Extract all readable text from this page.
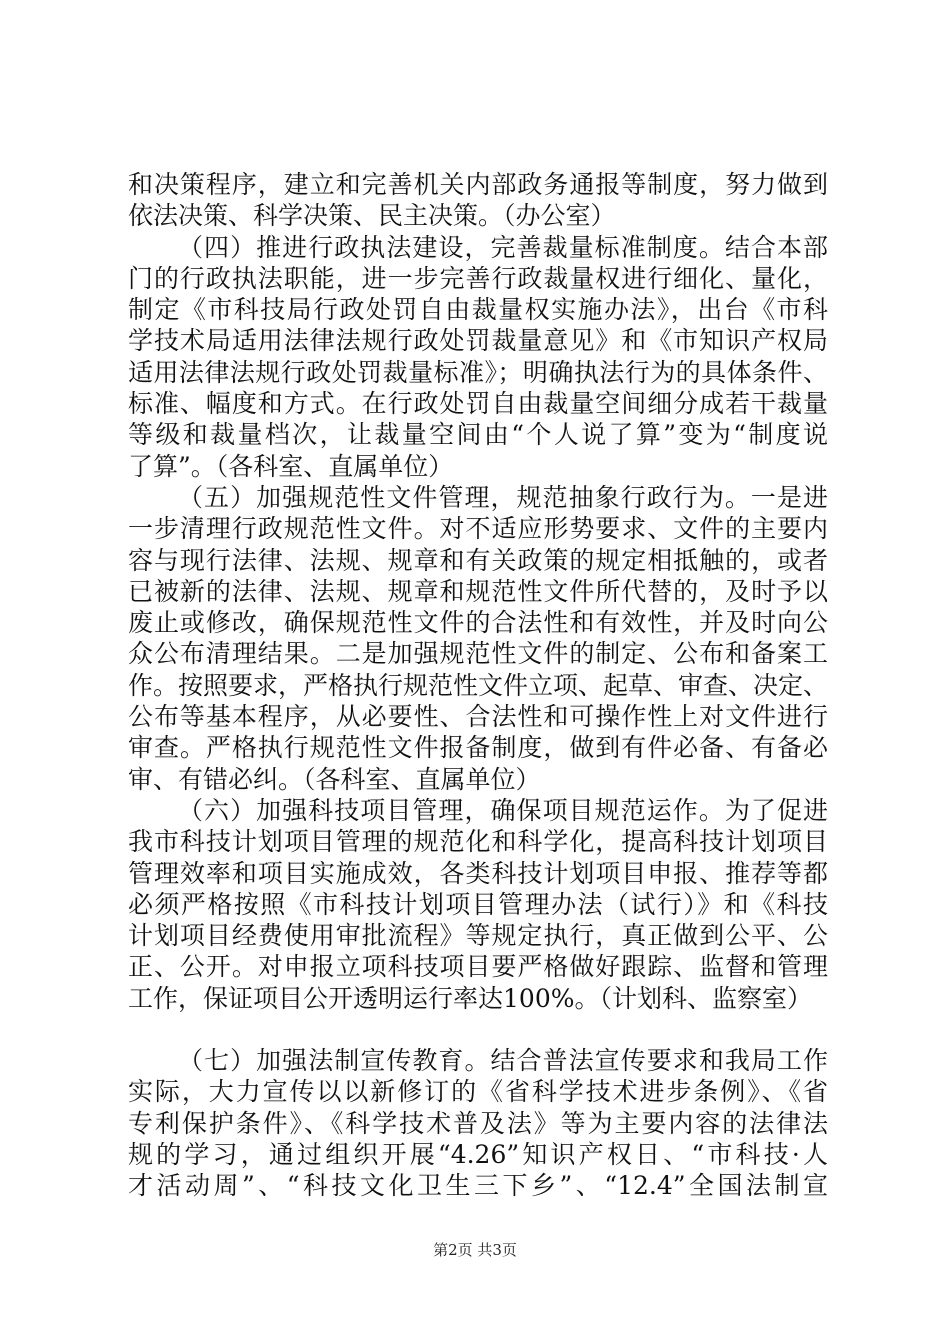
和决策程序，建立和完善机关内部政务通报等制度，努力做到
依法决策、科学决策、民主决策。（办公室）
（四）推进行政执法建设，完善裁量标准制度。结合本部
门的行政执法职能，进一步完善行政裁量权进行细化、量化，
制定《市科技局行政处罚自由裁量权实施办法》，出台《市科
学技术局适用法律法规行政处罚裁量意见》和《市知识产权局
适用法律法规行政处罚裁量标准》；明确执法行为的具体条件、
标准、幅度和方式。在行政处罚自由裁量空间细分成若干裁量
等级和裁量档次，让裁量空间由“个人说了算”变为“制度说
了算”。（各科室、直属单位）
（五）加强规范性文件管理，规范抽象行政行为。一是进
一步清理行政规范性文件。对不适应形势要求、文件的主要内
容与现行法律、法规、规章和有关政策的规定相抵触的，或者
已被新的法律、法规、规章和规范性文件所代替的，及时予以
废止或修改，确保规范性文件的合法性和有效性，并及时向公
众公布清理结果。二是加强规范性文件的制定、公布和备案工
作。按照要求，严格执行规范性文件立项、起草、审查、决定、
公布等基本程序，从必要性、合法性和可操作性上对文件进行
审查。严格执行规范性文件报备制度，做到有件必备、有备必
审、有错必纠。（各科室、直属单位）
（六）加强科技项目管理，确保项目规范运作。为了促进
我市科技计划项目管理的规范化和科学化，提高科技计划项目
管理效率和项目实施成效，各类科技计划项目申报、推荐等都
必须严格按照《市科技计划项目管理办法（试行）》和《科技
计划项目经费使用审批流程》等规定执行，真正做到公平、公
正、公开。对申报立项科技项目要严格做好跟踪、监督和管理
工作，保证项目公开透明运行率达100%。（计划科、监察室）
（七）加强法制宣传教育。结合普法宣传要求和我局工作
实际，大力宣传以以新修订的《省科学技术进步条例》、《省
专利保护条件》、《科学技术普及法》等为主要内容的法律法
规的学习，通过组织开展“4.26”知识产权日、“市科技·人
才活动周”、“科技文化卫生三下乡”、“12.4”全国法制宣
第2页 共3页
